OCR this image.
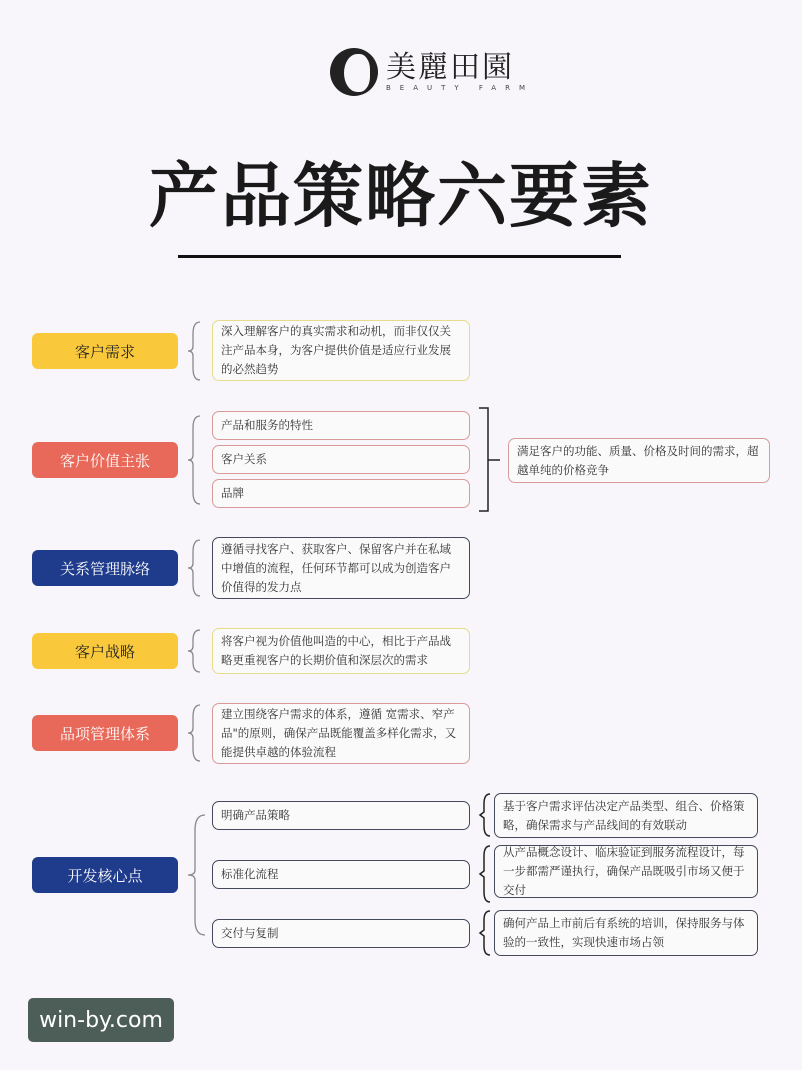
美麗田園
BEAUTY FARM
产品策略六要素
客户需求
深入理解客户的真实需求和动机，而非仅仅关注产品本身，为客户提供价值是适应行业发展的必然趋势
客户价值主张
产品和服务的特性
客户关系
品牌
满足客户的功能、质量、价格及时间的需求，超越单纯的价格竞争
关系管理脉络
遵循寻找客户、获取客户、保留客户并在私域中增值的流程，任何环节都可以成为创造客户价值得的发力点
客户战略
将客户视为价值他叫造的中心，相比于产品战略更重视客户的长期价值和深层次的需求
品项管理体系
建立围绕客户需求的体系，遵循 宽需求、窄产品"的原则，确保产品既能覆盖多样化需求，又能提供卓越的体验流程
开发核心点
明确产品策略
标准化流程
交付与复制
基于客户需求评估决定产品类型、组合、价格策略，确保需求与产品线间的有效联动
从产品概念设计、临床验证到服务流程设计，每一步都需严谨执行，确保产品既吸引市场又便于交付
确何产品上市前后有系统的培训，保持服务与体验的一致性，实现快速市场占领
win-by.com
